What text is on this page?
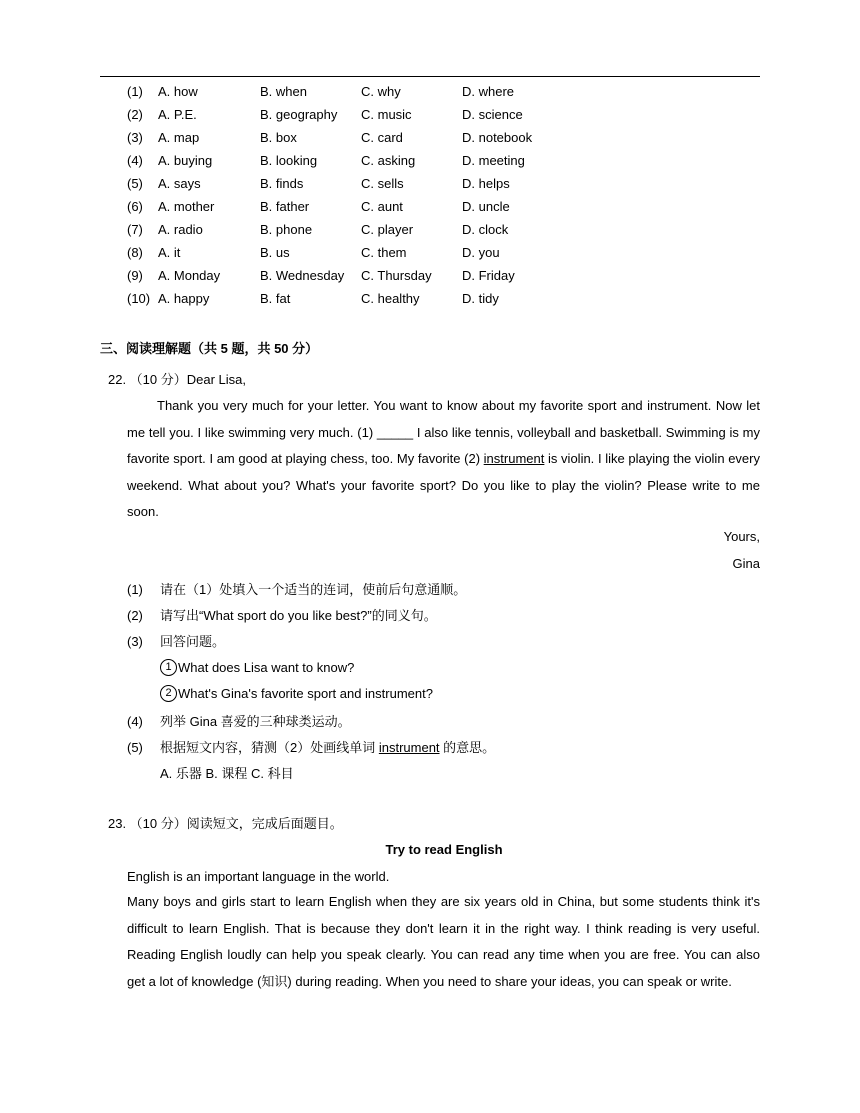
(1) A. how	B. when	C. why	D. where
(2) A. P.E.	B. geography C. music	D. science
(3) A. map	B. box	C. card	D. notebook
(4) A. buying	B. looking	C. asking	D. meeting
(5) A. says	B. finds	C. sells	D. helps
(6) A. mother	B. father	C. aunt	D. uncle
(7) A. radio	B. phone	C. player	D. clock
(8) A. it	B. us	C. them	D. you
(9) A. Monday	B. Wednesday C. Thursday D. Friday
(10) A. happy	B. fat	C. healthy	D. tidy
三、阅读理解题（共 5 题，共 50 分）
22. （10 分）Dear Lisa,
Thank you very much for your letter. You want to know about my favorite sport and instrument. Now let me tell you. I like swimming very much. (1) _____ I also like tennis, volleyball and basketball. Swimming is my favorite sport. I am good at playing chess, too. My favorite (2) instrument is violin. I like playing the violin every weekend. What about you? What's your favorite sport? Do you like to play the violin? Please write to me soon.
Yours,
Gina
(1) 请在（1）处填入一个适当的连词，使前后句意通顺。
(2) 请写出“What sport do you like best?”的同义句。
(3) 回答问题。
1 What does Lisa want to know?
2 What's Gina's favorite sport and instrument?
(4) 列举 Gina 喜爱的三种球类运动。
(5) 根据短文内容，猜测（2）处画线单词 instrument 的意思。
A. 乐器 B. 课程 C. 科目
23. （10 分）阅读短文，完成后面题目。
Try to read English
English is an important language in the world.
Many boys and girls start to learn English when they are six years old in China, but some students think it's difficult to learn English. That is because they don't learn it in the right way. I think reading is very useful. Reading English loudly can help you speak clearly. You can read any time when you are free. You can also get a lot of knowledge (知识) during reading. When you need to share your ideas, you can speak or write.
